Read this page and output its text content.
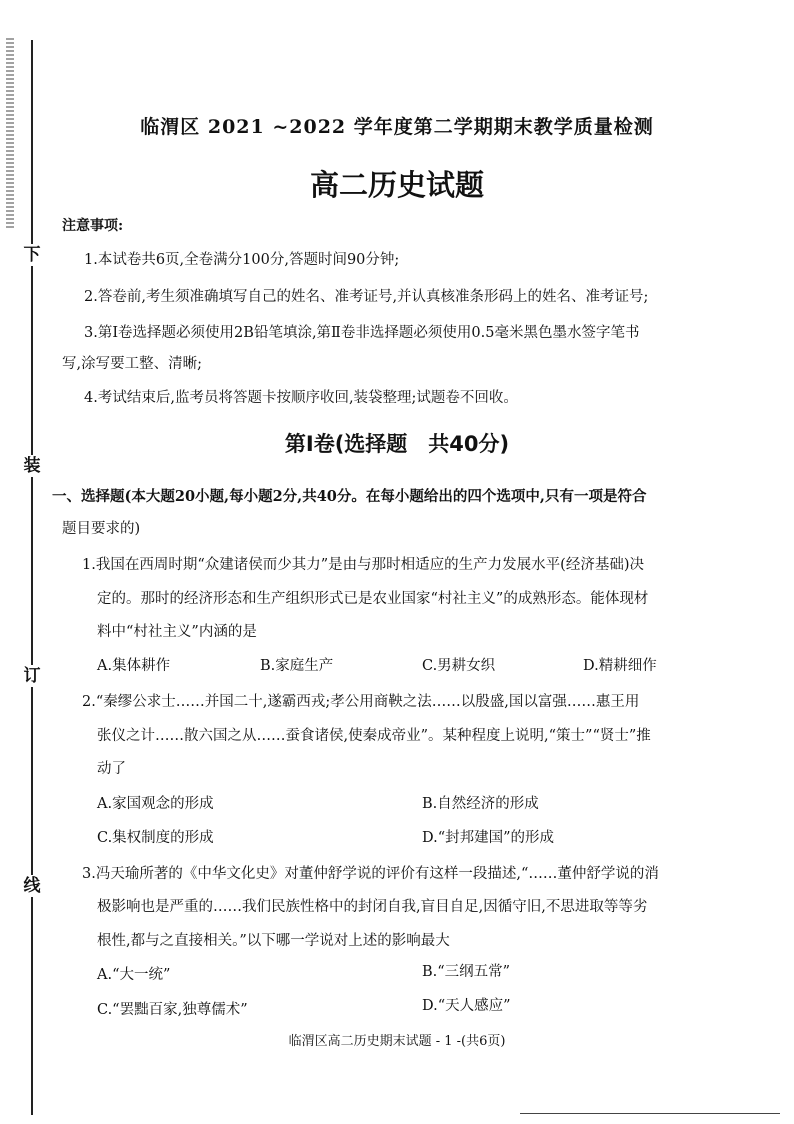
下
装
订
线
临渭区 2021 ~2022 学年度第二学期期末教学质量检测
高二历史试题
注意事项:
1.本试卷共6页,全卷满分100分,答题时间90分钟;
2.答卷前,考生须准确填写自己的姓名、准考证号,并认真核准条形码上的姓名、准考证号;
3.第Ⅰ卷选择题必须使用2B铅笔填涂,第Ⅱ卷非选择题必须使用0.5毫米黑色墨水签字笔书
写,涂写要工整、清晰;
4.考试结束后,监考员将答题卡按顺序收回,装袋整理;试题卷不回收。
第Ⅰ卷(选择题　共40分)
一、选择题(本大题20小题,每小题2分,共40分。在每小题给出的四个选项中,只有一项是符合
题目要求的)
1.我国在西周时期“众建诸侯而少其力”是由与那时相适应的生产力发展水平(经济基础)决
定的。那时的经济形态和生产组织形式已是农业国家“村社主义”的成熟形态。能体现材
料中“村社主义”内涵的是
A.集体耕作	B.家庭生产	C.男耕女织	D.精耕细作
2.“秦缪公求士……并国二十,遂霸西戎;孝公用商鞅之法……以殷盛,国以富强……惠王用
张仪之计……散六国之从……蚕食诸侯,使秦成帝业”。某种程度上说明,“策士”“贤士”推
动了
A.家国观念的形成	B.自然经济的形成
C.集权制度的形成	D.“封邦建国”的形成
3.冯天瑜所著的《中华文化史》对董仲舒学说的评价有这样一段描述,“……董仲舒学说的消
极影响也是严重的……我们民族性格中的封闭自我,盲目自足,因循守旧,不思进取等等劣
根性,都与之直接相关。”以下哪一学说对上述的影响最大
A.“大一统”	B.“三纲五常”
C.“罢黜百家,独尊儒术”	D.“天人感应”
临渭区高二历史期末试题 - 1 -(共6页)
